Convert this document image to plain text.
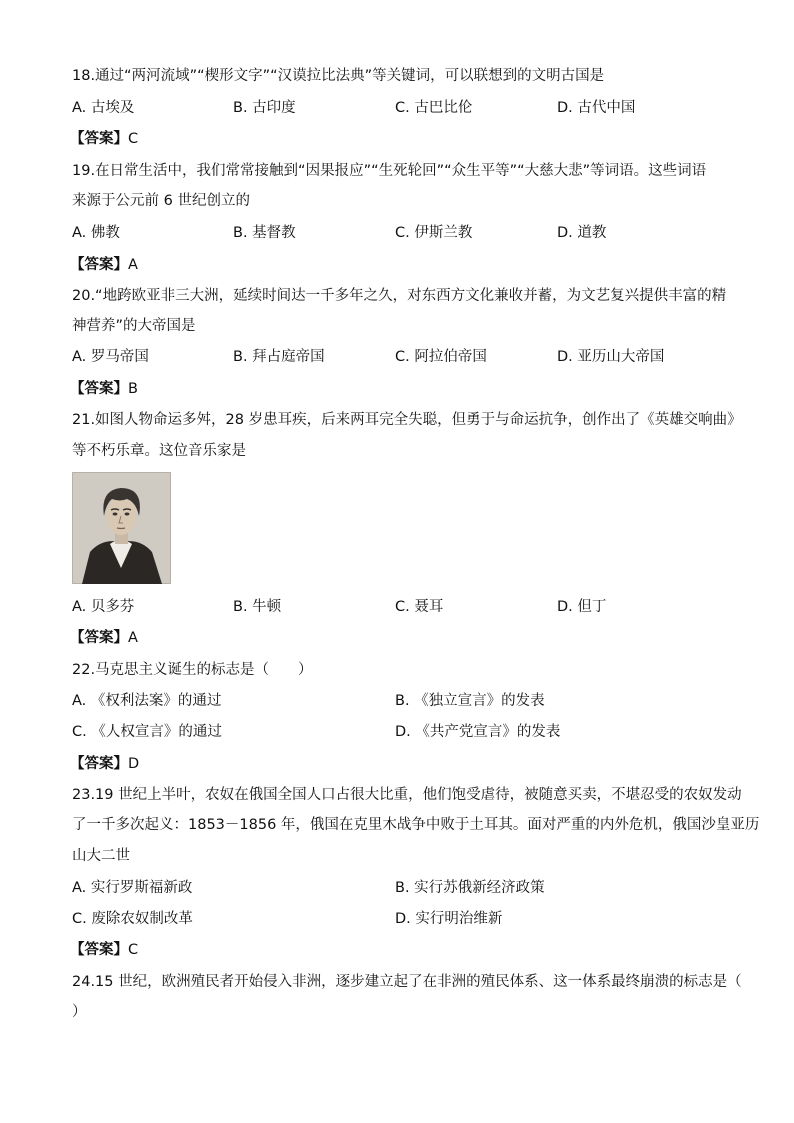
18.通过“两河流域”“楔形文字”“汉谟拉比法典”等关键词，可以联想到的文明古国是
A. 古埃及	B. 古印度	C. 古巴比伦	D. 古代中国
【答案】C
19.在日常生活中，我们常常接触到“因果报应”“生死轮回”“众生平等”“大慈大悲”等词语。这些词语
来源于公元前 6 世纪创立的
A. 佛教	B. 基督教	C. 伊斯兰教	D. 道教
【答案】A
20.“地跨欧亚非三大洲，延续时间达一千多年之久，对东西方文化兼收并蓄，为文艺复兴提供丰富的精
神营养”的大帝国是
A. 罗马帝国	B. 拜占庭帝国	C. 阿拉伯帝国	D. 亚历山大帝国
【答案】B
21.如图人物命运多舛，28 岁患耳疾，后来两耳完全失聪，但勇于与命运抗争，创作出了《英雄交响曲》
等不朽乐章。这位音乐家是
A. 贝多芬	B. 牛顿	C. 聂耳	D. 但丁
【答案】A
22.马克思主义诞生的标志是（　　）
A. 《权利法案》的通过	B. 《独立宣言》的发表
C. 《人权宣言》的通过	D. 《共产党宣言》的发表
【答案】D
23.19 世纪上半叶，农奴在俄国全国人口占很大比重，他们饱受虐待，被随意买卖，不堪忍受的农奴发动
了一千多次起义：1853－1856 年，俄国在克里木战争中败于土耳其。面对严重的内外危机，俄国沙皇亚历
山大二世
A. 实行罗斯福新政	B. 实行苏俄新经济政策
C. 废除农奴制改革	D. 实行明治维新
【答案】C
24.15 世纪，欧洲殖民者开始侵入非洲，逐步建立起了在非洲的殖民体系、这一体系最终崩溃的标志是（
）
